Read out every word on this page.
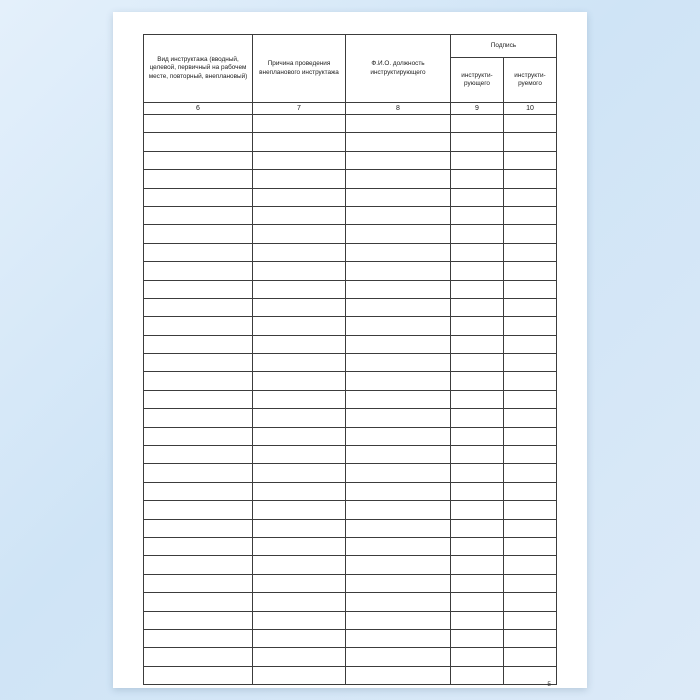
Вид инструктажа (вводный, целевой, первичный на рабочем месте, повторный, внеплановый)	Причина проведения внепланового инструктажа	Ф.И.О. должность инструктирующего	Подпись	
			инструкти- рующего	инструкти- руемого
6	7	8	9	10

5
